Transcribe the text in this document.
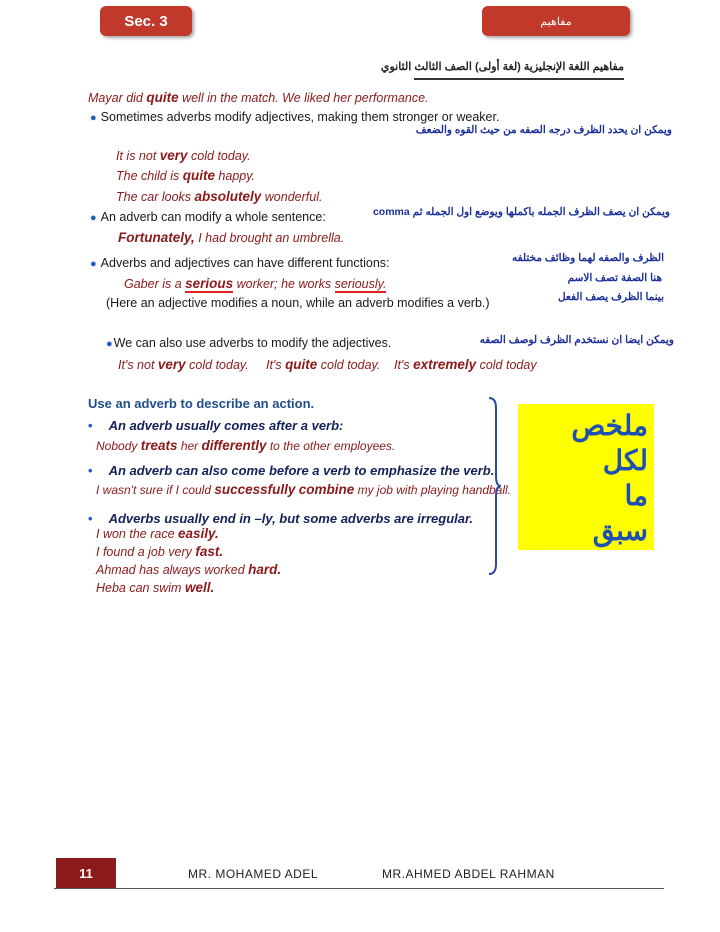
Sec. 3	مفاهيم
مفاهيم اللغة الإنجليزية (لغة أولى) الصف الثالث الثانوي
Mayar did quite well in the match. We liked her performance.
● Sometimes adverbs modify adjectives, making them stronger or weaker.
ويمكن ان يحدد الظرف درجه الصفه من حيث القوه والضعف
It is not very cold today.
The child is quite happy.
The car looks absolutely wonderful.
● An adverb can modify a whole sentence:	ويمكن ان يصف الظرف الجمله باكملها ويوضع اول الجمله ثم comma
Fortunately, I had brought an umbrella.
● Adverbs and adjectives can have different functions:	الظرف والصفه لهما وظائف مختلفه
Gaber is a serious worker; he works seriously.	هنا الصفة تصف الاسم
(Here an adjective modifies a noun, while an adverb modifies a verb.)	بينما الظرف يصف الفعل
●We can also use adverbs to modify the adjectives.	ويمكن ايضا ان نستخدم الظرف لوصف الصفه
It's not very cold today. It's quite cold today. It's extremely cold today
Use an adverb to describe an action.
• An adverb usually comes after a verb:
Nobody treats her differently to the other employees.
• An adverb can also come before a verb to emphasize the verb.
I wasn't sure if I could successfully combine my job with playing handball.
• Adverbs usually end in –ly, but some adverbs are irregular.
I won the race easily.
I found a job very fast.
Ahmad has always worked hard.
Heba can swim well.
ملخص
لكل
ما
سبق
11	MR. MOHAMED ADEL	MR.AHMED ABDEL RAHMAN
